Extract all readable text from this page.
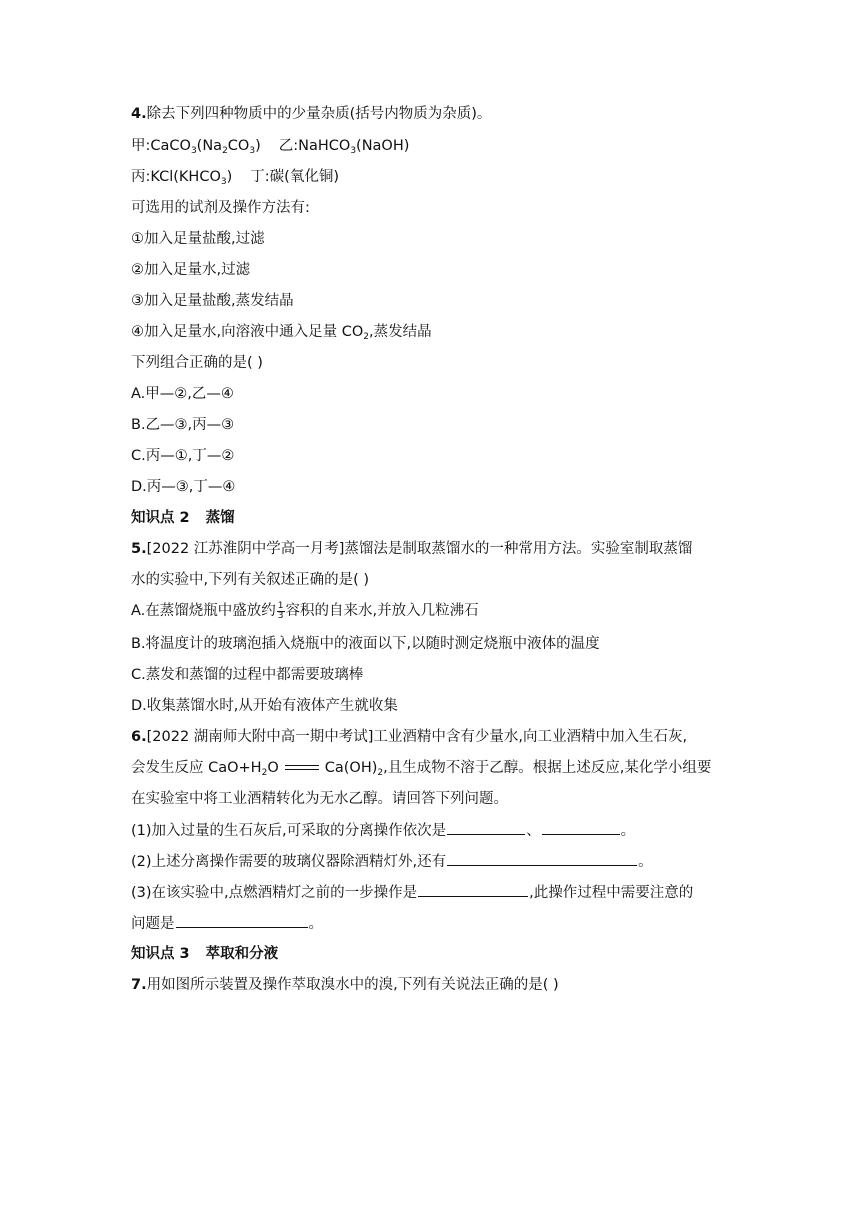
4.除去下列四种物质中的少量杂质(括号内物质为杂质)。
甲$:CaCO_3(Na_2CO_3)$ 乙:NaHCO$_3$(NaOH)
丙$:KCl(KHCO_3)$ 丁:碳(氧化铜)
可选用的试剂及操作方法有:
①加入足量盐酸,过滤
②加入足量水,过滤
③加入足量盐酸,蒸发结晶
④加入足量水,向溶液中通入足量 $CO_2$,蒸发结晶
下列组合正确的是( )
A.甲—②,乙—④
B.乙—③,丙—③
C.丙—①,丁—②
D.丙—③,丁—④
知识点 2 蒸馏
5.[2022 江苏淮阴中学高一月考]蒸馏法是制取蒸馏水的一种常用方法。实验室制取蒸馏
水的实验中,下列有关叙述正确的是( )
A.在蒸馏烧瓶中盛放约 $\frac{1}{3}$ 容积的自来水,并放入几粒沸石
B.将温度计的玻璃泡插入烧瓶中的液面以下,以随时测定烧瓶中液体的温度
C.蒸发和蒸馏的过程中都需要玻璃棒
D.收集蒸馏水时,从开始有液体产生就收集
6.[2022 湖南师大附中高一期中考试]工业酒精中含有少量水,向工业酒精中加入生石灰,
会发生反应 $CaO+H_2O$	$Ca(OH)_2$,且生成物不溶于乙醇。根据上述反应,某化学小组要
在实验室中将工业酒精转化为无水乙醇。请回答下列问题。
(1)加入过量的生石灰后,可采取的分离操作依次是	、	。
(2)上述分离操作需要的玻璃仪器除酒精灯外,还有	。
(3)在该实验中,点燃酒精灯之前的一步操作是	,此操作过程中需要注意的
问题是	。
知识点 3 萃取和分液
7.用如图所示装置及操作萃取溴水中的溴,下列有关说法正确的是( )
